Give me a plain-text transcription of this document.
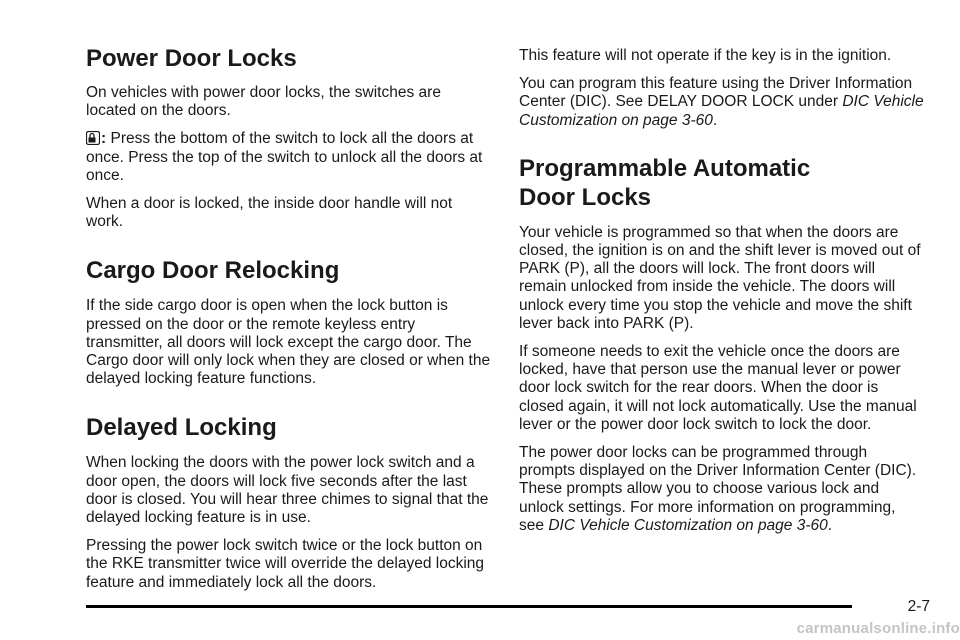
Power Door Locks

On vehicles with power door locks, the switches are located on the doors.

: Press the bottom of the switch to lock all the doors at once. Press the top of the switch to unlock all the doors at once.

When a door is locked, the inside door handle will not work.

Cargo Door Relocking

If the side cargo door is open when the lock button is pressed on the door or the remote keyless entry transmitter, all doors will lock except the cargo door. The Cargo door will only lock when they are closed or when the delayed locking feature functions.

Delayed Locking

When locking the doors with the power lock switch and a door open, the doors will lock five seconds after the last door is closed. You will hear three chimes to signal that the delayed locking feature is in use.

Pressing the power lock switch twice or the lock button on the RKE transmitter twice will override the delayed locking feature and immediately lock all the doors.

This feature will not operate if the key is in the ignition.

You can program this feature using the Driver Information Center (DIC). See DELAY DOOR LOCK under DIC Vehicle Customization on page 3-60.

Programmable Automatic
Door Locks

Your vehicle is programmed so that when the doors are closed, the ignition is on and the shift lever is moved out of PARK (P), all the doors will lock. The front doors will remain unlocked from inside the vehicle. The doors will unlock every time you stop the vehicle and move the shift lever back into PARK (P).

If someone needs to exit the vehicle once the doors are locked, have that person use the manual lever or power door lock switch for the rear doors. When the door is closed again, it will not lock automatically. Use the manual lever or the power door lock switch to lock the door.

The power door locks can be programmed through prompts displayed on the Driver Information Center (DIC). These prompts allow you to choose various lock and unlock settings. For more information on programming, see DIC Vehicle Customization on page 3-60.

2-7
carmanualsonline.info
